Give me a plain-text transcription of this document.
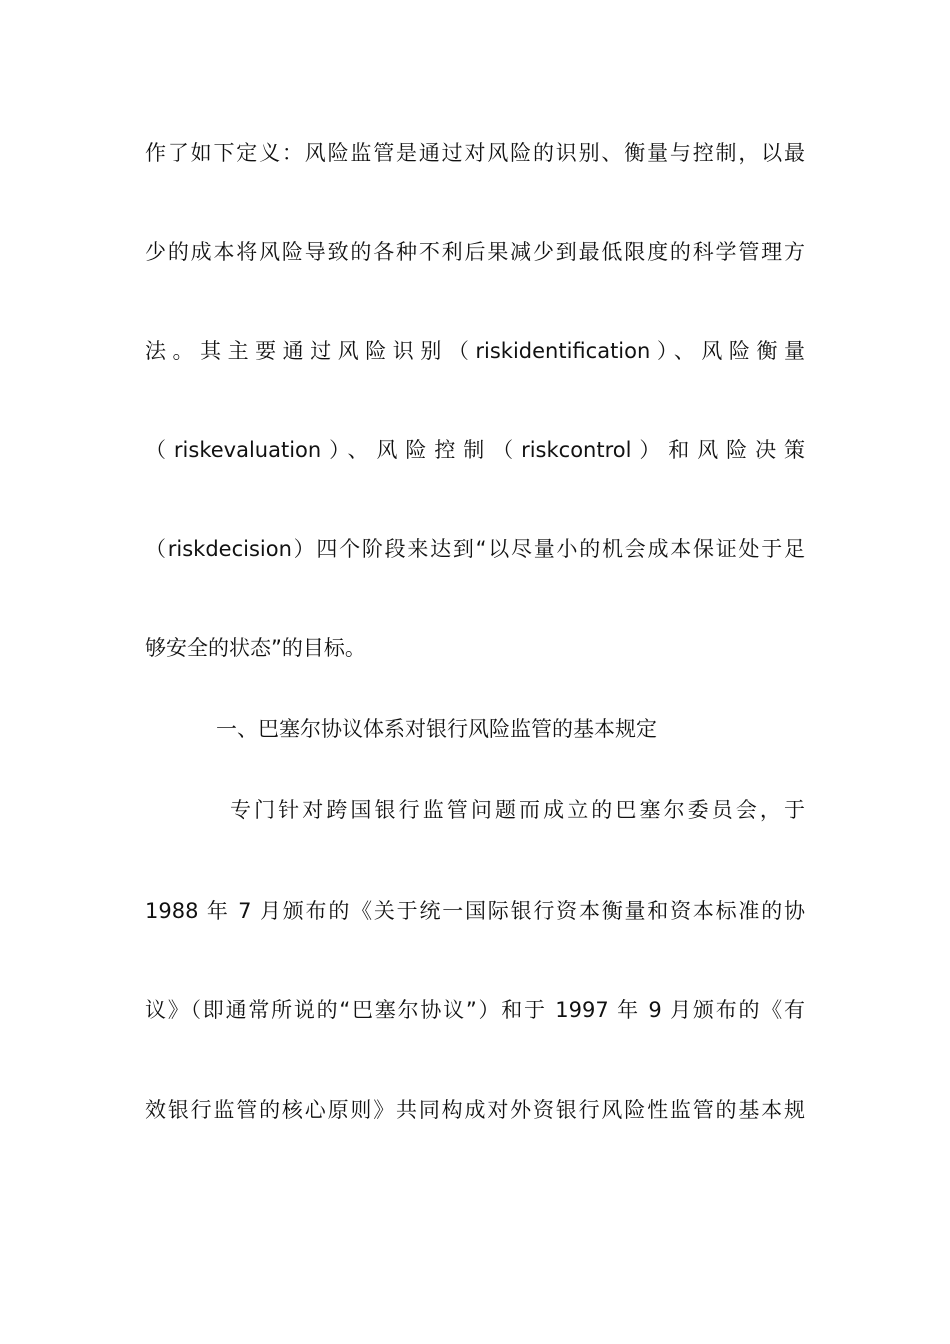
作了如下定义：风险监管是通过对风险的识别、衡量与控制，以最
少的成本将风险导致的各种不利后果减少到最低限度的科学管理方
法。其主要通过风险识别（riskidentification）、风险衡量
（riskevaluation）、风险控制（riskcontrol）和风险决策
（riskdecision）四个阶段来达到“以尽量小的机会成本保证处于足
够安全的状态”的目标。
一、巴塞尔协议体系对银行风险监管的基本规定
专门针对跨国银行监管问题而成立的巴塞尔委员会，于
1988 年 7 月颁布的《关于统一国际银行资本衡量和资本标准的协
议》（即通常所说的“巴塞尔协议”）和于 1997 年 9 月颁布的《有
效银行监管的核心原则》共同构成对外资银行风险性监管的基本规
